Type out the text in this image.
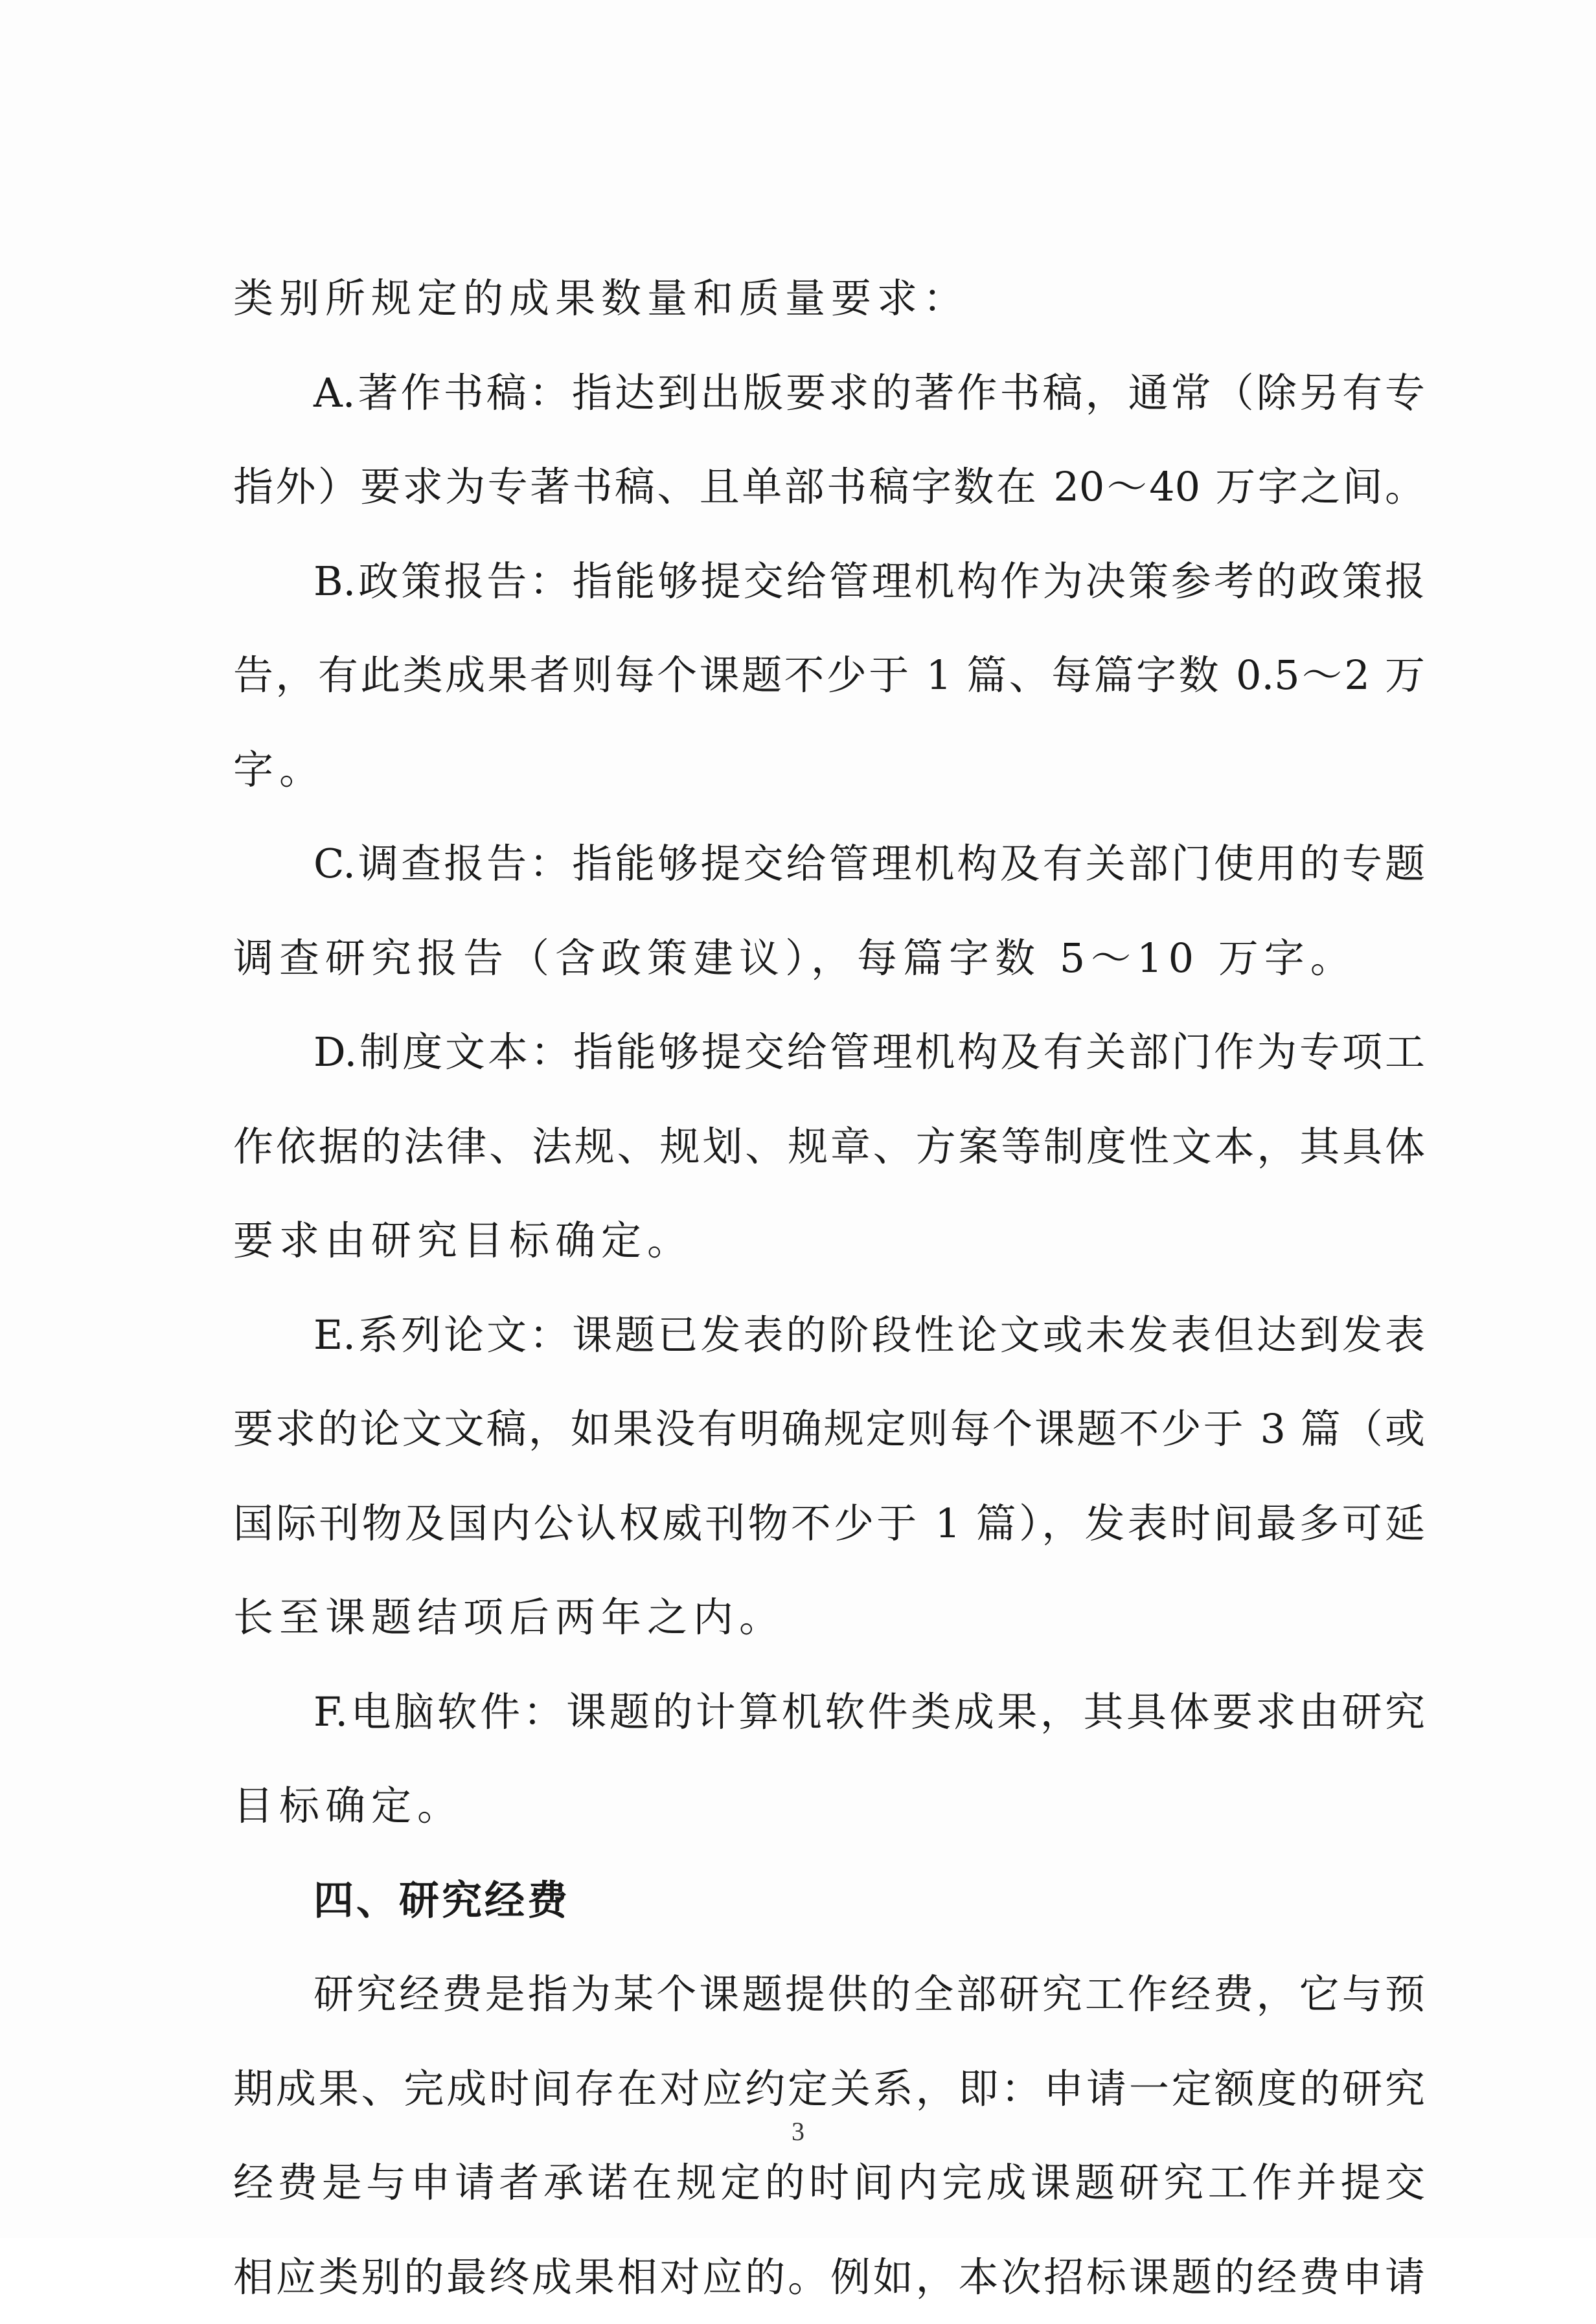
类别所规定的成果数量和质量要求：
A.著作书稿：指达到出版要求的著作书稿，通常（除另有专
指外）要求为专著书稿、且单部书稿字数在 20～40 万字之间。
B.政策报告：指能够提交给管理机构作为决策参考的政策报
告，有此类成果者则每个课题不少于 1 篇、每篇字数 0.5～2 万
字。
C.调查报告：指能够提交给管理机构及有关部门使用的专题
调查研究报告（含政策建议），每篇字数 5～10 万字。
D.制度文本：指能够提交给管理机构及有关部门作为专项工
作依据的法律、法规、规划、规章、方案等制度性文本，其具体
要求由研究目标确定。
E.系列论文：课题已发表的阶段性论文或未发表但达到发表
要求的论文文稿，如果没有明确规定则每个课题不少于 3 篇（或
国际刊物及国内公认权威刊物不少于 1 篇），发表时间最多可延
长至课题结项后两年之内。
F.电脑软件：课题的计算机软件类成果，其具体要求由研究
目标确定。
四、研究经费
研究经费是指为某个课题提供的全部研究工作经费，它与预
期成果、完成时间存在对应约定关系，即：申请一定额度的研究
经费是与申请者承诺在规定的时间内完成课题研究工作并提交
相应类别的最终成果相对应的。例如，本次招标课题的经费申请
3
